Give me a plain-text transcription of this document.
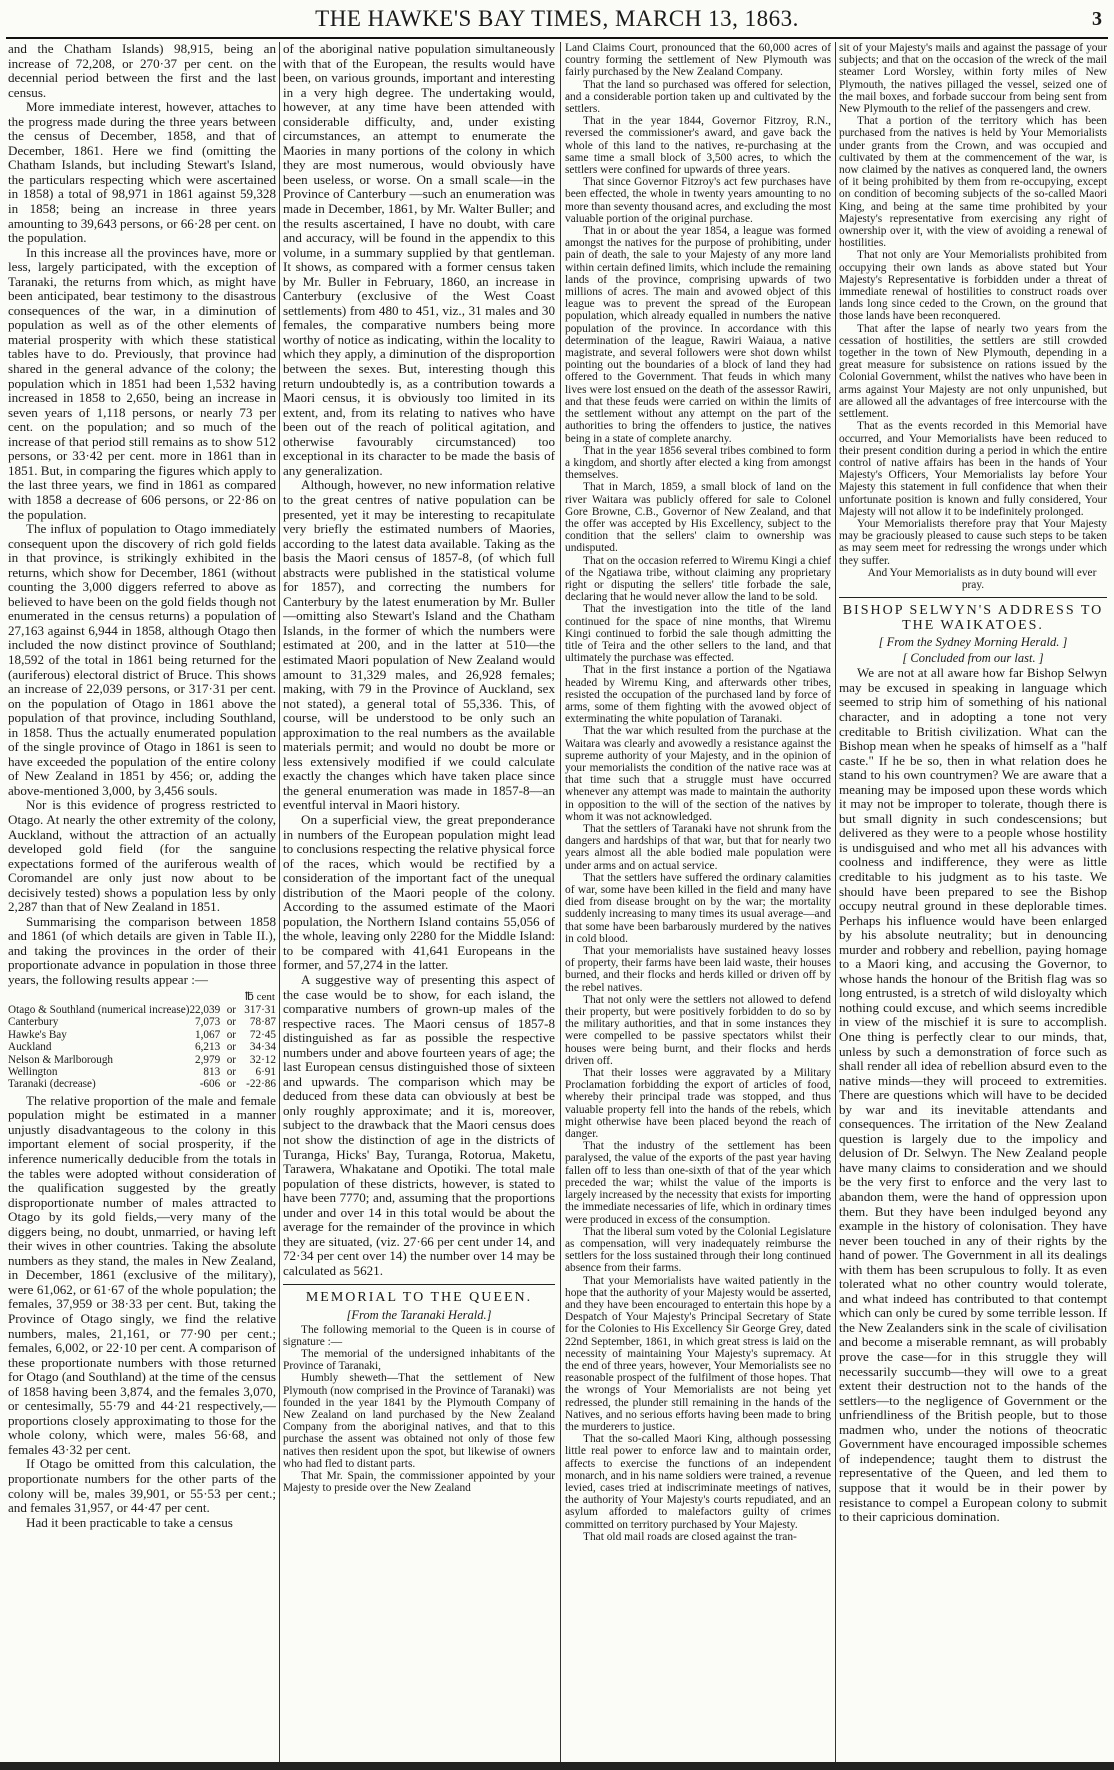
THE HAWKE'S BAY TIMES, MARCH 13, 1863.	3

and the Chatham Islands) 98,915, being an increase of 72,208, or 270·37 per cent. on the decennial period between the first and the last census.

More immediate interest, however, attaches to the progress made during the three years between the census of December, 1858, and that of December, 1861. Here we find (omitting the Chatham Islands, but including Stewart's Island, the particulars respecting which were ascertained in 1858) a total of 98,971 in 1861 against 59,328 in 1858; being an increase in three years amounting to 39,643 persons, or 66·28 per cent. on the population.

In this increase all the provinces have, more or less, largely participated, with the exception of Taranaki, the returns from which, as might have been anticipated, bear testimony to the disastrous consequences of the war, in a diminution of population as well as of the other elements of material prosperity with which these statistical tables have to do. Previously, that province had shared in the general advance of the colony; the population which in 1851 had been 1,532 having increased in 1858 to 2,650, being an increase in seven years of 1,118 persons, or nearly 73 per cent. on the population; and so much of the increase of that period still remains as to show 512 persons, or 33·42 per cent. more in 1861 than in 1851. But, in comparing the figures which apply to the last three years, we find in 1861 as compared with 1858 a decrease of 606 persons, or 22·86 on the population.

The influx of population to Otago immediately consequent upon the discovery of rich gold fields in that province, is strikingly exhibited in the returns, which show for December, 1861 (without counting the 3,000 diggers referred to above as believed to have been on the gold fields though not enumerated in the census returns) a population of 27,163 against 6,944 in 1858, although Otago then included the now distinct province of Southland; 18,592 of the total in 1861 being returned for the (auriferous) electoral district of Bruce. This shows an increase of 22,039 persons, or 317·31 per cent. on the population of Otago in 1861 above the population of that province, including Southland, in 1858. Thus the actually enumerated population of the single province of Otago in 1861 is seen to have exceeded the population of the entire colony of New Zealand in 1851 by 456; or, adding the above-mentioned 3,000, by 3,456 souls.

Nor is this evidence of progress restricted to Otago. At nearly the other extremity of the colony, Auckland, without the attraction of an actually developed gold field (for the sanguine expectations formed of the auriferous wealth of Coromandel are only just now about to be decisively tested) shows a population less by only 2,287 than that of New Zealand in 1851.

Summarising the comparison between 1858 and 1861 (of which details are given in Table II.), and taking the provinces in the order of their proportionate advance in population in those three years, the following results appear :—

			℔ cent
Otago & Southland (numerical increase)	22,039	or	317·31
Canterbury	7,073	or	78·87
Hawke's Bay	1,067	or	72·45
Auckland	6,213	or	34·34
Nelson & Marlborough	2,979	or	32·12
Wellington	813	or	6·91
Taranaki (decrease)	-606	or	-22·86

The relative proportion of the male and female population might be estimated in a manner unjustly disadvantageous to the colony in this important element of social prosperity, if the inference numerically deducible from the totals in the tables were adopted without consideration of the qualification suggested by the greatly disproportionate number of males attracted to Otago by its gold fields,—very many of the diggers being, no doubt, unmarried, or having left their wives in other countries. Taking the absolute numbers as they stand, the males in New Zealand, in December, 1861 (exclusive of the military), were 61,062, or 61·67 of the whole population; the females, 37,959 or 38·33 per cent. But, taking the Province of Otago singly, we find the relative numbers, males, 21,161, or 77·90 per cent.; females, 6,002, or 22·10 per cent. A comparison of these proportionate numbers with those returned for Otago (and Southland) at the time of the census of 1858 having been 3,874, and the females 3,070, or centesimally, 55·79 and 44·21 respectively,—proportions closely approximating to those for the whole colony, which were, males 56·68, and females 43·32 per cent.

If Otago be omitted from this calculation, the proportionate numbers for the other parts of the colony will be, males 39,901, or 55·53 per cent.; and females 31,957, or 44·47 per cent.

Had it been practicable to take a census

of the aboriginal native population simultaneously with that of the European, the results would have been, on various grounds, important and interesting in a very high degree. The undertaking would, however, at any time have been attended with considerable difficulty, and, under existing circumstances, an attempt to enumerate the Maories in many portions of the colony in which they are most numerous, would obviously have been useless, or worse. On a small scale—in the Province of Canterbury —such an enumeration was made in December, 1861, by Mr. Walter Buller; and the results ascertained, I have no doubt, with care and accuracy, will be found in the appendix to this volume, in a summary supplied by that gentleman. It shows, as compared with a former census taken by Mr. Buller in February, 1860, an increase in Canterbury (exclusive of the West Coast settlements) from 480 to 451, viz., 31 males and 30 females, the comparative numbers being more worthy of notice as indicating, within the locality to which they apply, a diminution of the disproportion between the sexes. But, interesting though this return undoubtedly is, as a contribution towards a Maori census, it is obviously too limited in its extent, and, from its relating to natives who have been out of the reach of political agitation, and otherwise favourably circumstanced) too exceptional in its character to be made the basis of any generalization.

Although, however, no new information relative to the great centres of native population can be presented, yet it may be interesting to recapitulate very briefly the estimated numbers of Maories, according to the latest data available. Taking as the basis the Maori census of 1857-8, (of which full abstracts were published in the statistical volume for 1857), and correcting the numbers for Canterbury by the latest enumeration by Mr. Buller—omitting also Stewart's Island and the Chatham Islands, in the former of which the numbers were estimated at 200, and in the latter at 510—the estimated Maori population of New Zealand would amount to 31,329 males, and 26,928 females; making, with 79 in the Province of Auckland, sex not stated), a general total of 55,336. This, of course, will be understood to be only such an approximation to the real numbers as the available materials permit; and would no doubt be more or less extensively modified if we could calculate exactly the changes which have taken place since the general enumeration was made in 1857-8—an eventful interval in Maori history.

On a superficial view, the great preponderance in numbers of the European population might lead to conclusions respecting the relative physical force of the races, which would be rectified by a consideration of the important fact of the unequal distribution of the Maori people of the colony. According to the assumed estimate of the Maori population, the Northern Island contains 55,056 of the whole, leaving only 2280 for the Middle Island: to be compared with 41,641 Europeans in the former, and 57,274 in the latter.

A suggestive way of presenting this aspect of the case would be to show, for each island, the comparative numbers of grown-up males of the respective races. The Maori census of 1857-8 distinguished as far as possible the respective numbers under and above fourteen years of age; the last European census distinguished those of sixteen and upwards. The comparison which may be deduced from these data can obviously at best be only roughly approximate; and it is, moreover, subject to the drawback that the Maori census does not show the distinction of age in the districts of Turanga, Hicks' Bay, Turanga, Rotorua, Maketu, Tarawera, Whakatane and Opotiki. The total male population of these districts, however, is stated to have been 7770; and, assuming that the proportions under and over 14 in this total would be about the average for the remainder of the province in which they are situated, (viz. 27·66 per cent under 14, and 72·34 per cent over 14) the number over 14 may be calculated as 5621.

MEMORIAL TO THE QUEEN.
[From the Taranaki Herald.]

The following memorial to the Queen is in course of signature :—

The memorial of the undersigned inhabitants of the Province of Taranaki,

Humbly sheweth—That the settlement of New Plymouth (now comprised in the Province of Taranaki) was founded in the year 1841 by the Plymouth Company of New Zealand on land purchased by the New Zealand Company from the aboriginal natives, and that to this purchase the assent was obtained not only of those few natives then resident upon the spot, but likewise of owners who had fled to distant parts.

That Mr. Spain, the commissioner appointed by your Majesty to preside over the New Zealand

Land Claims Court, pronounced that the 60,000 acres of country forming the settlement of New Plymouth was fairly purchased by the New Zealand Company.

That the land so purchased was offered for selection, and a considerable portion taken up and cultivated by the settlers.

That in the year 1844, Governor Fitzroy, R.N., reversed the commissioner's award, and gave back the whole of this land to the natives, re-purchasing at the same time a small block of 3,500 acres, to which the settlers were confined for upwards of three years.

That since Governor Fitzroy's act few purchases have been effected, the whole in twenty years amounting to no more than seventy thousand acres, and excluding the most valuable portion of the original purchase.

That in or about the year 1854, a league was formed amongst the natives for the purpose of prohibiting, under pain of death, the sale to your Majesty of any more land within certain defined limits, which include the remaining lands of the province, comprising upwards of two millions of acres. The main and avowed object of this league was to prevent the spread of the European population, which already equalled in numbers the native population of the province. In accordance with this determination of the league, Rawiri Waiaua, a native magistrate, and several followers were shot down whilst pointing out the boundaries of a block of land they had offered to the Government. That feuds in which many lives were lost ensued on the death of the assessor Rawiri, and that these feuds were carried on within the limits of the settlement without any attempt on the part of the authorities to bring the offenders to justice, the natives being in a state of complete anarchy.

That in the year 1856 several tribes combined to form a kingdom, and shortly after elected a king from amongst themselves.

That in March, 1859, a small block of land on the river Waitara was publicly offered for sale to Colonel Gore Browne, C.B., Governor of New Zealand, and that the offer was accepted by His Excellency, subject to the condition that the sellers' claim to ownership was undisputed.

That on the occasion referred to Wiremu Kingi a chief of the Ngatiawa tribe, without claiming any proprietary right or disputing the sellers' title forbade the sale, declaring that he would never allow the land to be sold.

That the investigation into the title of the land continued for the space of nine months, that Wiremu Kingi continued to forbid the sale though admitting the title of Teira and the other sellers to the land, and that ultimately the purchase was effected.

That in the first instance a portion of the Ngatiawa headed by Wiremu King, and afterwards other tribes, resisted the occupation of the purchased land by force of arms, some of them fighting with the avowed object of exterminating the white population of Taranaki.

That the war which resulted from the purchase at the Waitara was clearly and avowedly a resistance against the supreme authority of your Majesty, and in the opinion of your memorialists the condition of the native race was at that time such that a struggle must have occurred whenever any attempt was made to maintain the authority in opposition to the will of the section of the natives by whom it was not acknowledged.

That the settlers of Taranaki have not shrunk from the dangers and hardships of that war, but that for nearly two years almost all the able bodied male population were under arms and on actual service.

That the settlers have suffered the ordinary calamities of war, some have been killed in the field and many have died from disease brought on by the war; the mortality suddenly increasing to many times its usual average—and that some have been barbarously murdered by the natives in cold blood.

That your memorialists have sustained heavy losses of property, their farms have been laid waste, their houses burned, and their flocks and herds killed or driven off by the rebel natives.

That not only were the settlers not allowed to defend their property, but were positively forbidden to do so by the military authorities, and that in some instances they were compelled to be passive spectators whilst their houses were being burnt, and their flocks and herds driven off.

That their losses were aggravated by a Military Proclamation forbidding the export of articles of food, whereby their principal trade was stopped, and thus valuable property fell into the hands of the rebels, which might otherwise have been placed beyond the reach of danger.

That the industry of the settlement has been paralysed, the value of the exports of the past year having fallen off to less than one-sixth of that of the year which preceded the war; whilst the value of the imports is largely increased by the necessity that exists for importing the immediate necessaries of life, which in ordinary times were produced in excess of the consumption.

That the liberal sum voted by the Colonial Legislature as compensation, will very inadequately reimburse the settlers for the loss sustained through their long continued absence from their farms.

That your Memorialists have waited patiently in the hope that the authority of your Majesty would be asserted, and they have been encouraged to entertain this hope by a Despatch of Your Majesty's Principal Secretary of State for the Colonies to His Excellency Sir George Grey, dated 22nd September, 1861, in which great stress is laid on the necessity of maintaining Your Majesty's supremacy. At the end of three years, however, Your Memorialists see no reasonable prospect of the fulfilment of those hopes. That the wrongs of Your Memorialists are not being yet redressed, the plunder still remaining in the hands of the Natives, and no serious efforts having been made to bring the murderers to justice.

That the so-called Maori King, although possessing little real power to enforce law and to maintain order, affects to exercise the functions of an independent monarch, and in his name soldiers were trained, a revenue levied, cases tried at indiscriminate meetings of natives, the authority of Your Majesty's courts repudiated, and an asylum afforded to malefactors guilty of crimes committed on territory purchased by Your Majesty.

That old mail roads are closed against the tran-

sit of your Majesty's mails and against the passage of your subjects; and that on the occasion of the wreck of the mail steamer Lord Worsley, within forty miles of New Plymouth, the natives pillaged the vessel, seized one of the mail boxes, and forbade succour from being sent from New Plymouth to the relief of the passengers and crew.

That a portion of the territory which has been purchased from the natives is held by Your Memorialists under grants from the Crown, and was occupied and cultivated by them at the commencement of the war, is now claimed by the natives as conquered land, the owners of it being prohibited by them from re-occupying, except on condition of becoming subjects of the so-called Maori King, and being at the same time prohibited by your Majesty's representative from exercising any right of ownership over it, with the view of avoiding a renewal of hostilities.

That not only are Your Memorialists prohibited from occupying their own lands as above stated but Your Majesty's Representative is forbidden under a threat of immediate renewal of hostilities to construct roads over lands long since ceded to the Crown, on the ground that those lands have been reconquered.

That after the lapse of nearly two years from the cessation of hostilities, the settlers are still crowded together in the town of New Plymouth, depending in a great measure for subsistence on rations issued by the Colonial Government, whilst the natives who have been in arms against Your Majesty are not only unpunished, but are allowed all the advantages of free intercourse with the settlement.

That as the events recorded in this Memorial have occurred, and Your Memorialists have been reduced to their present condition during a period in which the entire control of native affairs has been in the hands of Your Majesty's Officers, Your Memorialists lay before Your Majesty this statement in full confidence that when their unfortunate position is known and fully considered, Your Majesty will not allow it to be indefinitely prolonged.

Your Memorialists therefore pray that Your Majesty may be graciously pleased to cause such steps to be taken as may seem meet for redressing the wrongs under which they suffer.

And Your Memorialists as in duty bound will ever pray.

BISHOP SELWYN'S ADDRESS TO THE WAIKATOES.
[ From the Sydney Morning Herald. ]
[ Concluded from our last. ]

We are not at all aware how far Bishop Selwyn may be excused in speaking in language which seemed to strip him of something of his national character, and in adopting a tone not very creditable to British civilization. What can the Bishop mean when he speaks of himself as a "half caste." If he be so, then in what relation does he stand to his own countrymen? We are aware that a meaning may be imposed upon these words which it may not be improper to tolerate, though there is but small dignity in such condescensions; but delivered as they were to a people whose hostility is undisguised and who met all his advances with coolness and indifference, they were as little creditable to his judgment as to his taste. We should have been prepared to see the Bishop occupy neutral ground in these deplorable times. Perhaps his influence would have been enlarged by his absolute neutrality; but in denouncing murder and robbery and rebellion, paying homage to a Maori king, and accusing the Governor, to whose hands the honour of the British flag was so long entrusted, is a stretch of wild disloyalty which nothing could excuse, and which seems incredible in view of the mischief it is sure to accomplish. One thing is perfectly clear to our minds, that, unless by such a demonstration of force such as shall render all idea of rebellion absurd even to the native minds—they will proceed to extremities. There are questions which will have to be decided by war and its inevitable attendants and consequences. The irritation of the New Zealand question is largely due to the impolicy and delusion of Dr. Selwyn. The New Zealand people have many claims to consideration and we should be the very first to enforce and the very last to abandon them, were the hand of oppression upon them. But they have been indulged beyond any example in the history of colonisation. They have never been touched in any of their rights by the hand of power. The Government in all its dealings with them has been scrupulous to folly. It as even tolerated what no other country would tolerate, and what indeed has contributed to that contempt which can only be cured by some terrible lesson. If the New Zealanders sink in the scale of civilisation and become a miserable remnant, as will probably prove the case—for in this struggle they will necessarily succumb—they will owe to a great extent their destruction not to the hands of the settlers—to the negligence of Government or the unfriendliness of the British people, but to those madmen who, under the notions of theocratic Government have encouraged impossible schemes of independence; taught them to distrust the representative of the Queen, and led them to suppose that it would be in their power by resistance to compel a European colony to submit to their capricious domination.
